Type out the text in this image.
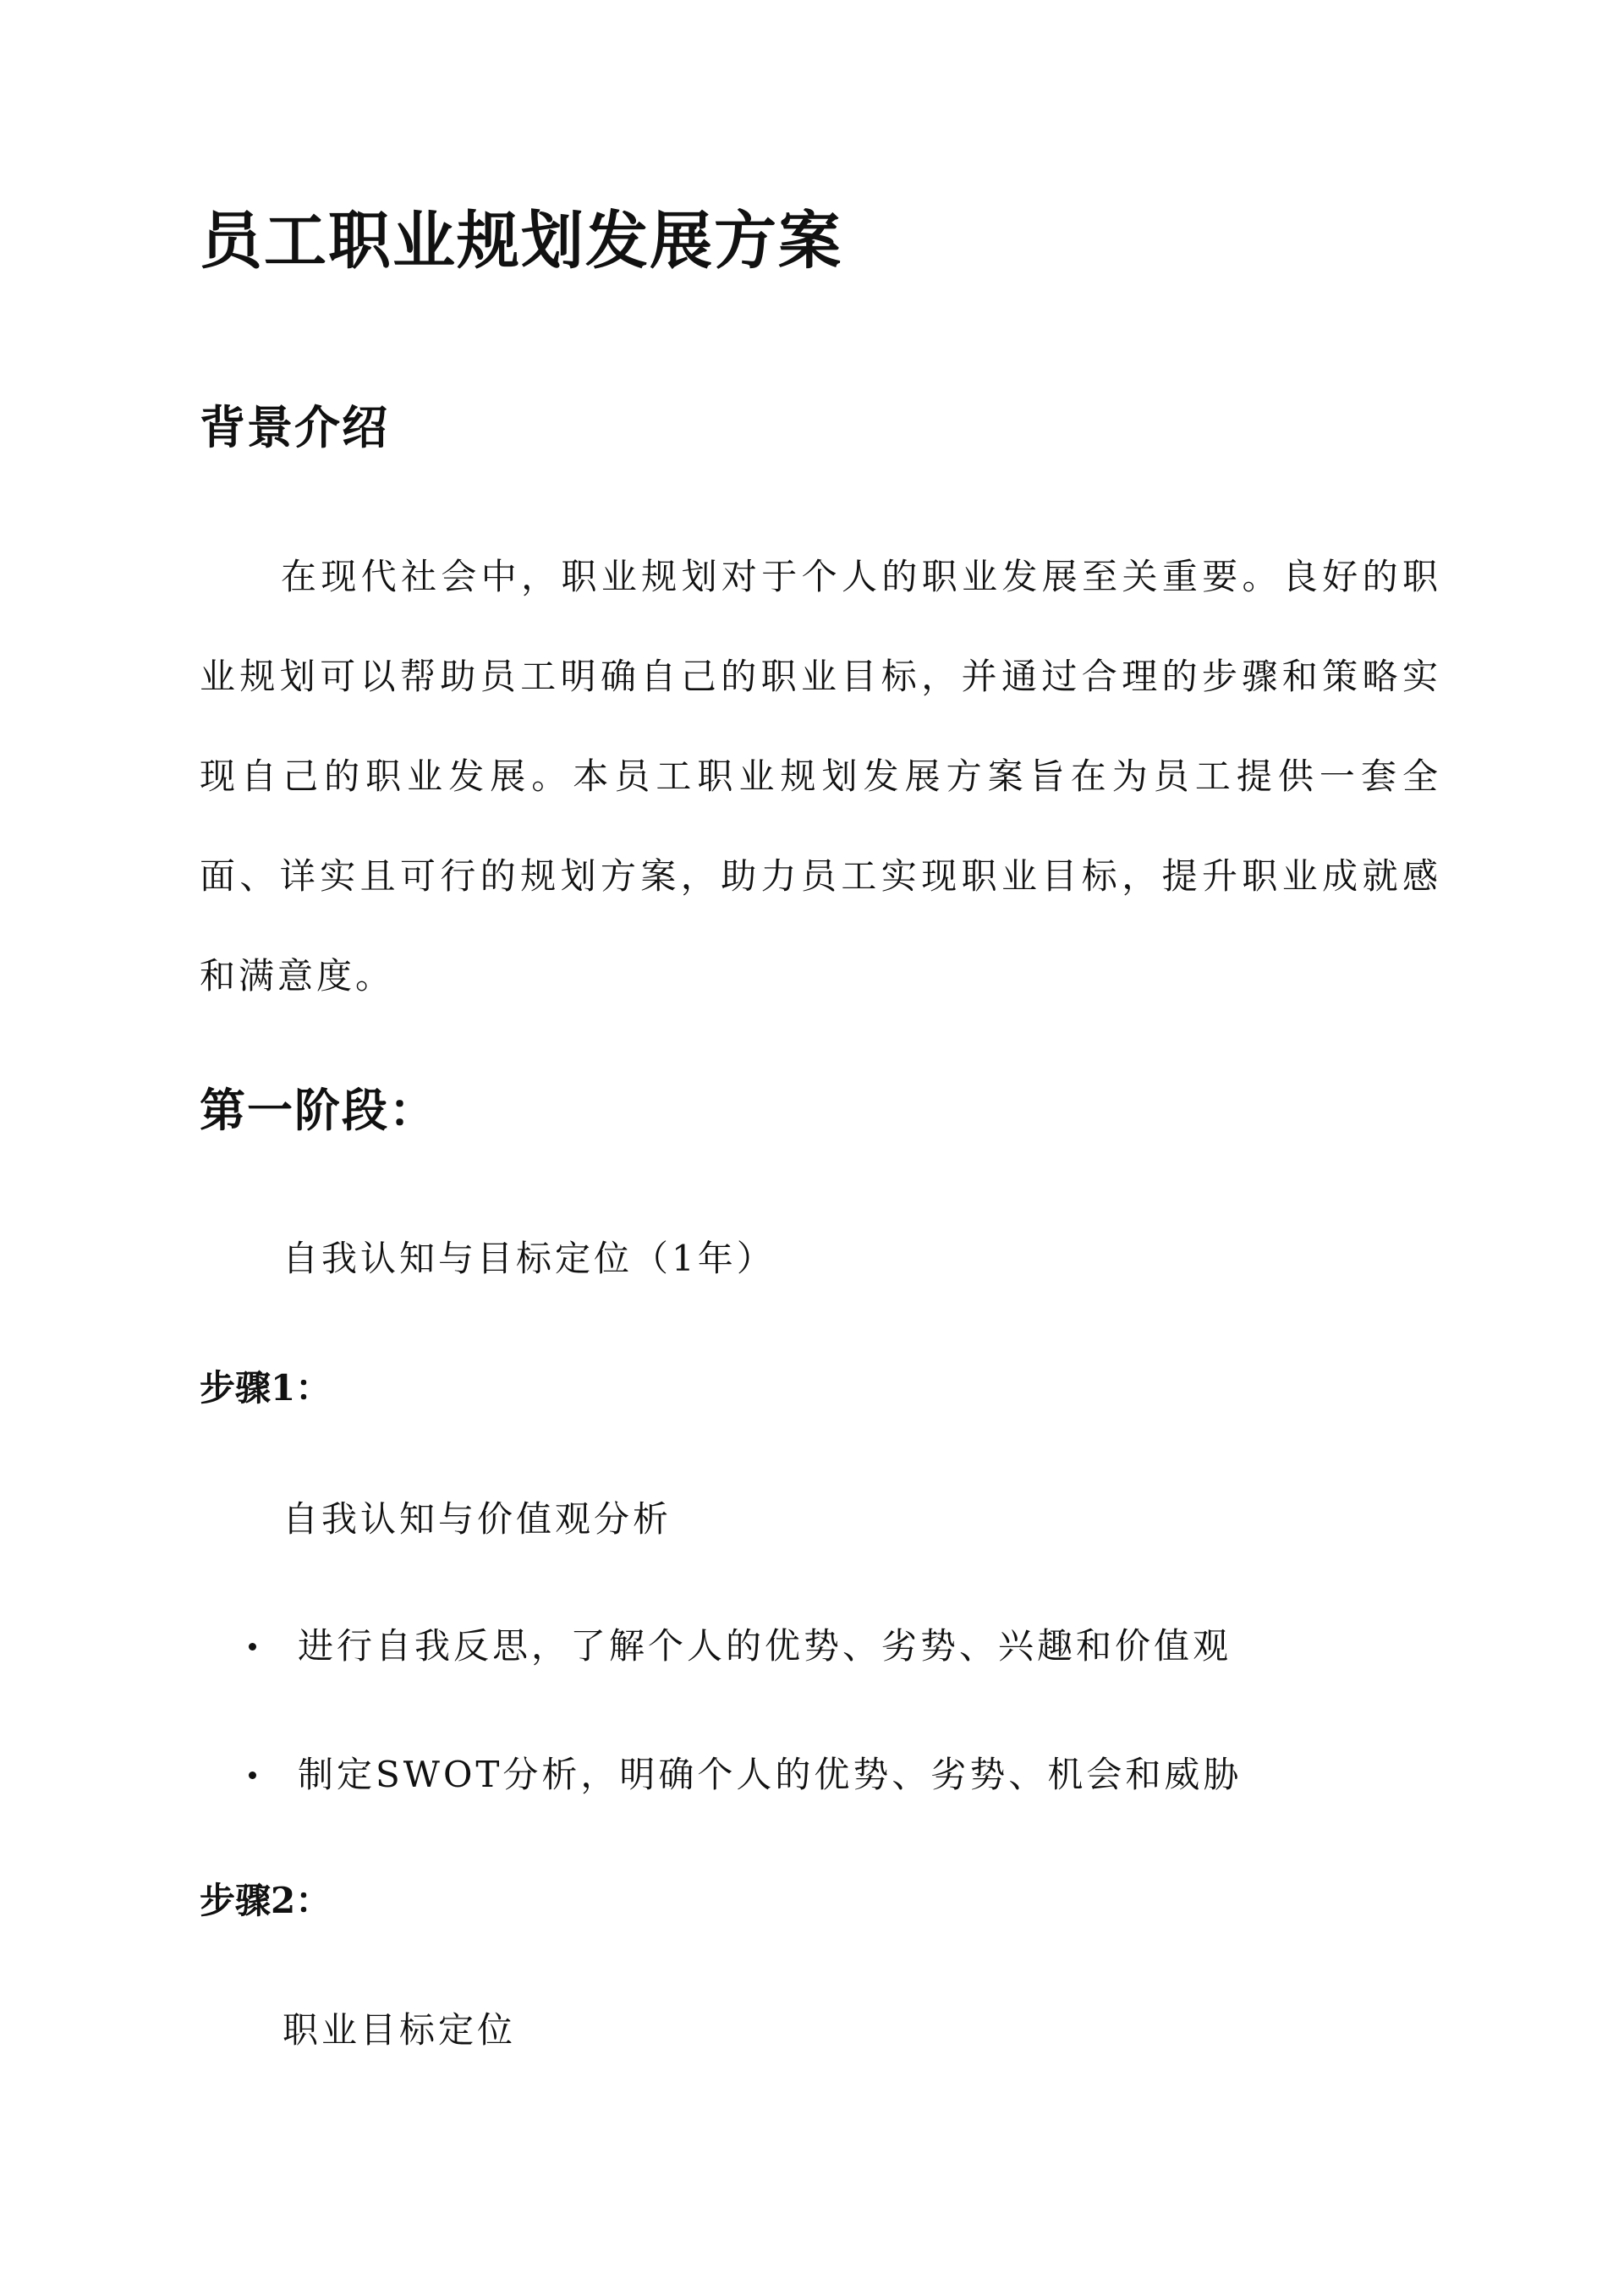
员工职业规划发展方案
背景介绍

在现代社会中，职业规划对于个人的职业发展至关重要。良好的职业规划可以帮助员工明确自己的职业目标，并通过合理的步骤和策略实现自己的职业发展。本员工职业规划发展方案旨在为员工提供一套全面、详实且可行的规划方案，助力员工实现职业目标，提升职业成就感和满意度。

第一阶段：

自我认知与目标定位（1年）

步骤1：

自我认知与价值观分析

进行自我反思，了解个人的优势、劣势、兴趣和价值观
制定SWOT分析，明确个人的优势、劣势、机会和威胁
步骤2：

职业目标定位
